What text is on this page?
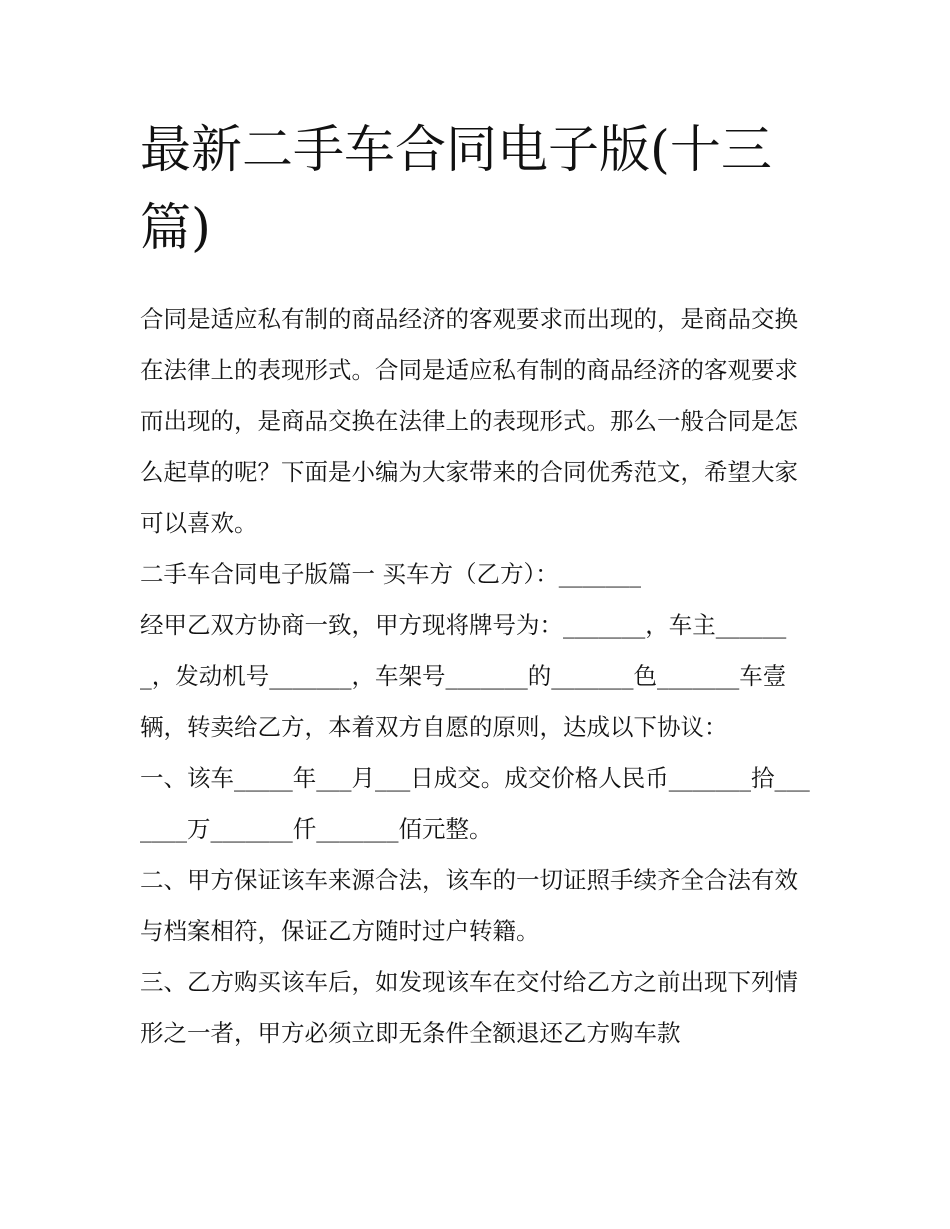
最新二手车合同电子版(十三篇)

合同是适应私有制的商品经济的客观要求而出现的，是商品交换在法律上的表现形式。合同是适应私有制的商品经济的客观要求而出现的，是商品交换在法律上的表现形式。那么一般合同是怎么起草的呢？下面是小编为大家带来的合同优秀范文，希望大家可以喜欢。

二手车合同电子版篇一 买车方（乙方）：_______

经甲乙双方协商一致，甲方现将牌号为：_______，车主_______，发动机号_______，车架号_______的_______色_______车壹辆，转卖给乙方，本着双方自愿的原则，达成以下协议：

一、该车_____年___月___日成交。成交价格人民币_______拾_______万_______仟_______佰元整。

二、甲方保证该车来源合法，该车的一切证照手续齐全合法有效与档案相符，保证乙方随时过户转籍。

三、乙方购买该车后，如发现该车在交付给乙方之前出现下列情形之一者，甲方必须立即无条件全额退还乙方购车款
